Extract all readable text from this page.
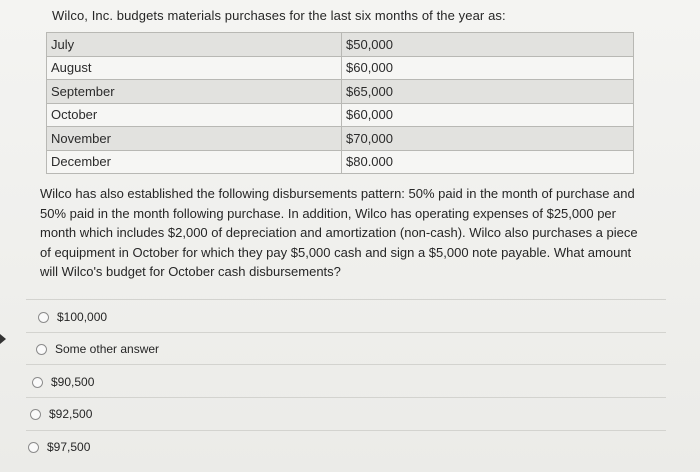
Wilco, Inc. budgets materials purchases for the last six months of the year as:
July	$50,000
August	$60,000
September	$65,000
October	$60,000
November	$70,000
December	$80.000
Wilco has also established the following disbursements pattern: 50% paid in the month of purchase and 50% paid in the month following purchase. In addition, Wilco has operating expenses of $25,000 per month which includes $2,000 of depreciation and amortization (non-cash). Wilco also purchases a piece of equipment in October for which they pay $5,000 cash and sign a $5,000 note payable. What amount will Wilco's budget for October cash disbursements?
$100,000
Some other answer
$90,500
$92,500
$97,500
